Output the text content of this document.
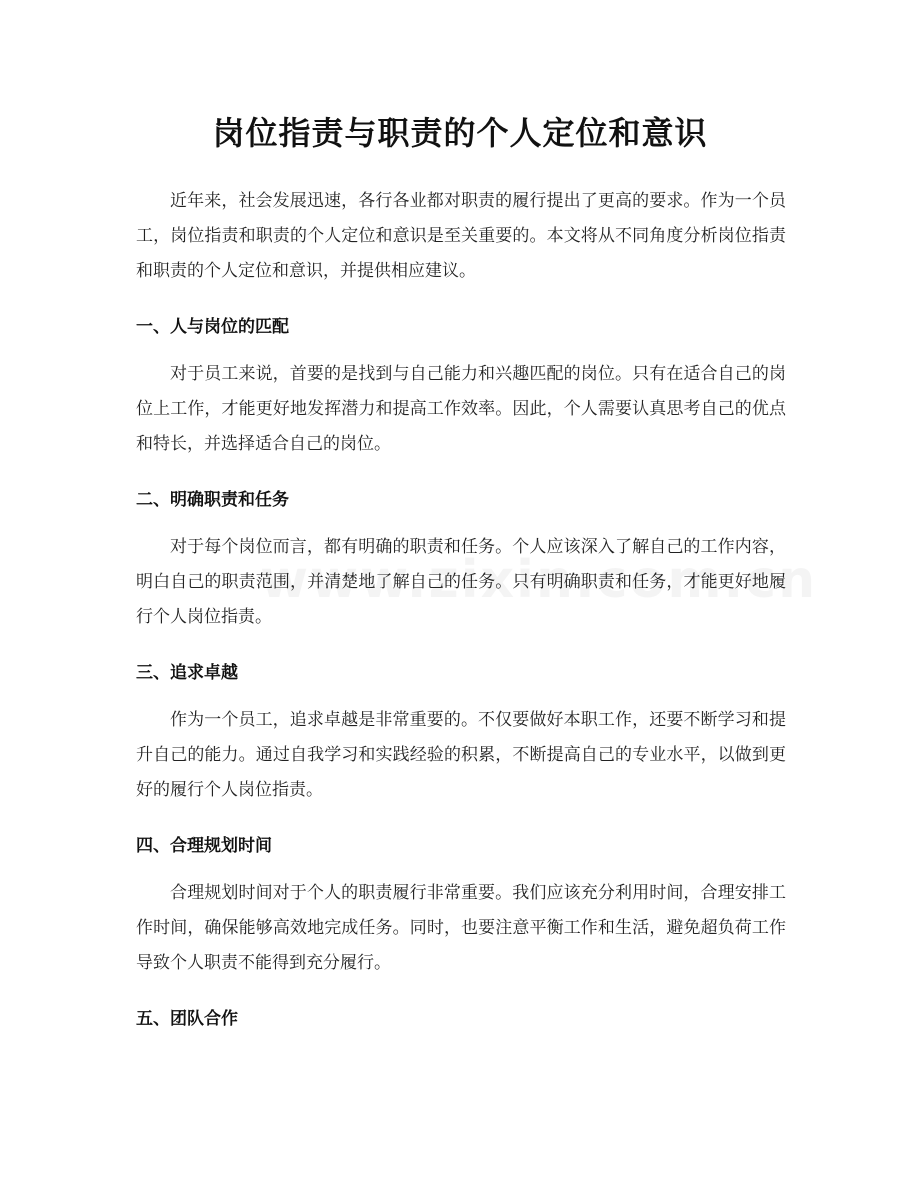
岗位指责与职责的个人定位和意识

近年来，社会发展迅速，各行各业都对职责的履行提出了更高的要求。作为一个员工，岗位指责和职责的个人定位和意识是至关重要的。本文将从不同角度分析岗位指责和职责的个人定位和意识，并提供相应建议。

一、人与岗位的匹配

对于员工来说，首要的是找到与自己能力和兴趣匹配的岗位。只有在适合自己的岗位上工作，才能更好地发挥潜力和提高工作效率。因此，个人需要认真思考自己的优点和特长，并选择适合自己的岗位。

二、明确职责和任务

对于每个岗位而言，都有明确的职责和任务。个人应该深入了解自己的工作内容，明白自己的职责范围，并清楚地了解自己的任务。只有明确职责和任务，才能更好地履行个人岗位指责。

三、追求卓越

作为一个员工，追求卓越是非常重要的。不仅要做好本职工作，还要不断学习和提升自己的能力。通过自我学习和实践经验的积累，不断提高自己的专业水平，以做到更好的履行个人岗位指责。

四、合理规划时间

合理规划时间对于个人的职责履行非常重要。我们应该充分利用时间，合理安排工作时间，确保能够高效地完成任务。同时，也要注意平衡工作和生活，避免超负荷工作导致个人职责不能得到充分履行。

五、团队合作
